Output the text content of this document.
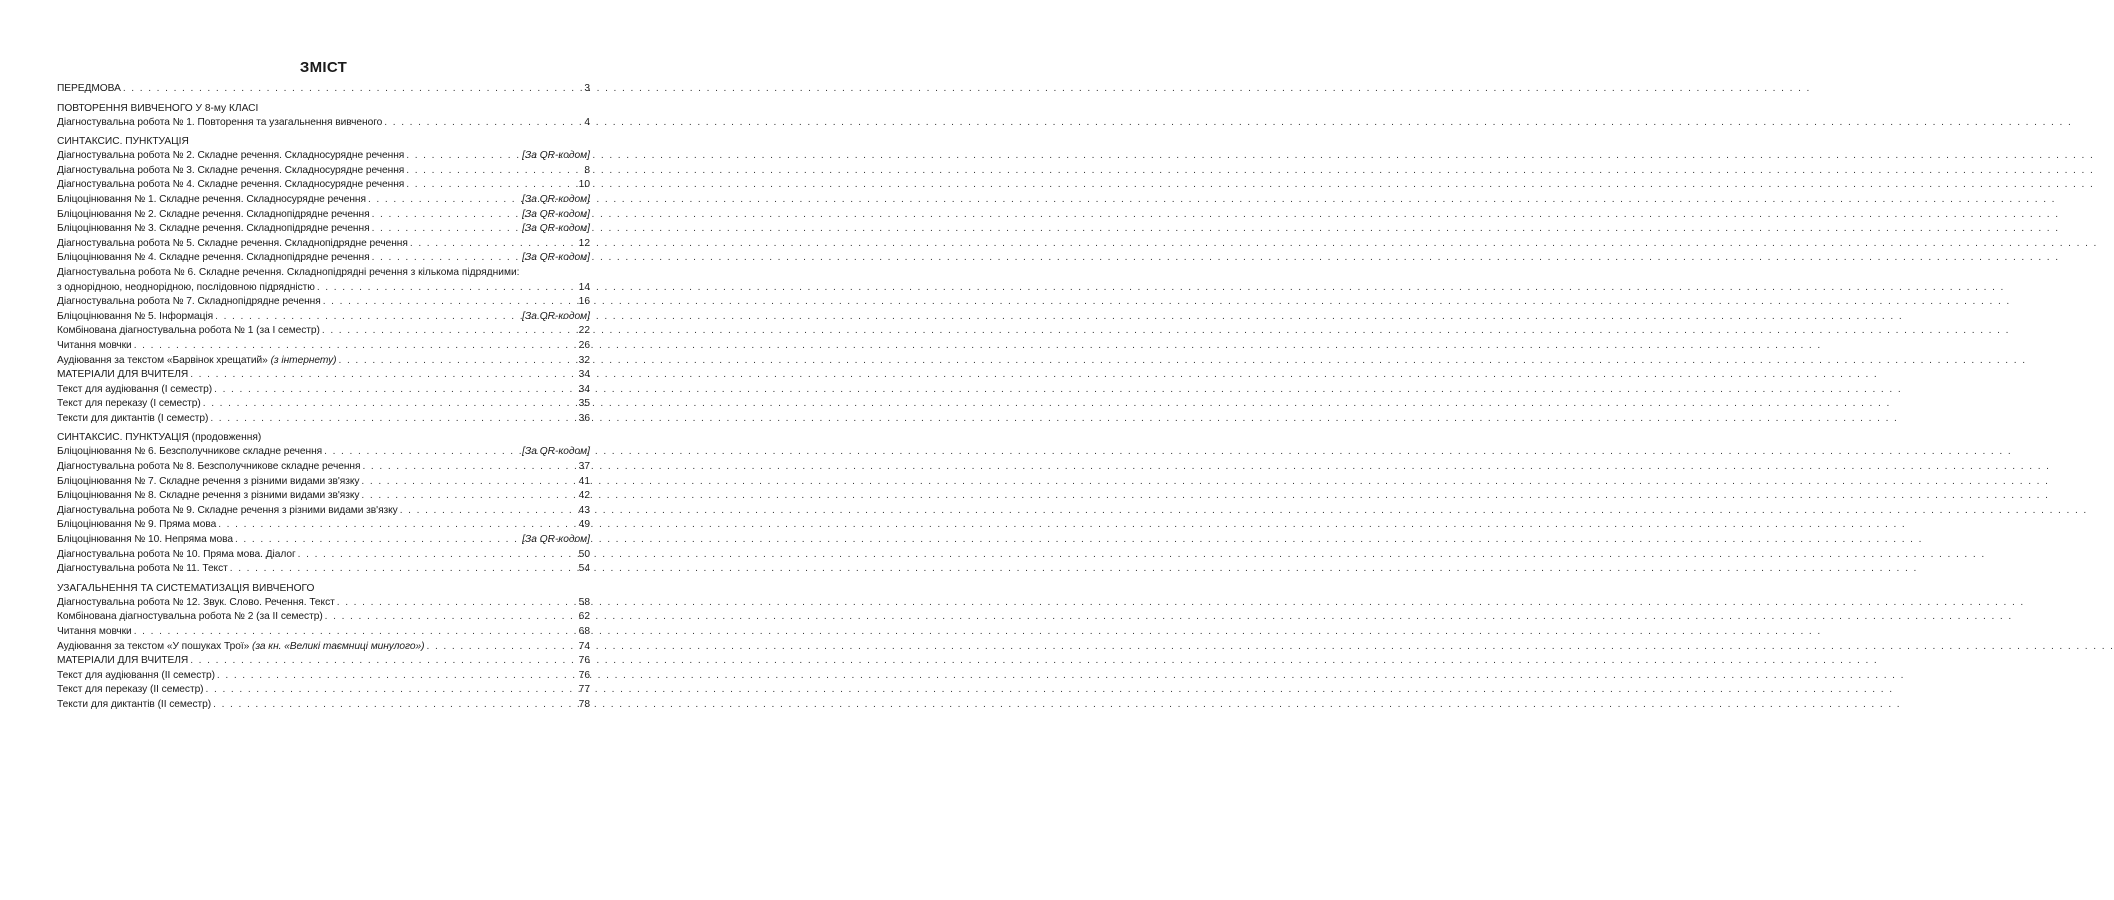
ЗМІСТ
ПЕРЕДМОВА . . .	3
ПОВТОРЕННЯ ВИВЧЕНОГО У 8-му КЛАСІ
Діагностувальна робота № 1. Повторення та узагальнення вивченого . . .	4
СИНТАКСИС. ПУНКТУАЦІЯ
Діагностувальна робота № 2. Складне речення. Складносурядне речення . . .	[За QR-кодом]
Діагностувальна робота № 3. Складне речення. Складносурядне речення . . .	8
Діагностувальна робота № 4. Складне речення. Складносурядне речення . . .	10
Бліцоцінювання № 1. Складне речення. Складносурядне речення . . .	[За QR-кодом]
Бліцоцінювання № 2. Складне речення. Складнопідрядне речення . . .	[За QR-кодом]
Бліцоцінювання № 3. Складне речення. Складнопідрядне речення . . .	[За QR-кодом]
Діагностувальна робота № 5. Складне речення. Складнопідрядне речення . . .	12
Бліцоцінювання № 4. Складне речення. Складнопідрядне речення . . .	[За QR-кодом]
Діагностувальна робота № 6. Складне речення. Складнопідрядні речення з кількома підрядними:
з однорідною, неоднорідною, послідовною підрядністю . . .	14
Діагностувальна робота № 7. Складнопідрядне речення . . .	16
Бліцоцінювання № 5. Інформація . . .	[За QR-кодом]
Комбінована діагностувальна робота № 1 (за І семестр) . . .	22
Читання мовчки . . .	26
Аудіювання за текстом «Барвінок хрещатий» (з інтернету) . . .	32
МАТЕРІАЛИ ДЛЯ ВЧИТЕЛЯ . . .	34
Текст для аудіювання (І семестр) . . .	34
Текст для переказу (І семестр) . . .	35
Тексти для диктантів (І семестр) . . .	36
СИНТАКСИС. ПУНКТУАЦІЯ (продовження)
Бліцоцінювання № 6. Безсполучникове складне речення . . .	[За QR-кодом]
Діагностувальна робота № 8. Безсполучникове складне речення . . .	37
Бліцоцінювання № 7. Складне речення з різними видами зв'язку . . .	41
Бліцоцінювання № 8. Складне речення з різними видами зв'язку . . .	42
Діагностувальна робота № 9. Складне речення з різними видами зв'язку . . .	43
Бліцоцінювання № 9. Пряма мова . . .	49
Бліцоцінювання № 10. Непряма мова . . .	[За QR-кодом]
Діагностувальна робота № 10. Пряма мова. Діалог . . .	50
Діагностувальна робота № 11. Текст . . .	54
УЗАГАЛЬНЕННЯ ТА СИСТЕМАТИЗАЦІЯ ВИВЧЕНОГО
Діагностувальна робота № 12. Звук. Слово. Речення. Текст . . .	58
Комбінована діагностувальна робота № 2 (за ІІ семестр) . . .	62
Читання мовчки . . .	68
Аудіювання за текстом «У пошуках Трої» (за кн. «Великі таємниці минулого») . . .	74
МАТЕРІАЛИ ДЛЯ ВЧИТЕЛЯ . . .	76
Текст для аудіювання (ІІ семестр) . . .	76
Текст для переказу (ІІ семестр) . . .	77
Тексти для диктантів (ІІ семестр) . . .	78
